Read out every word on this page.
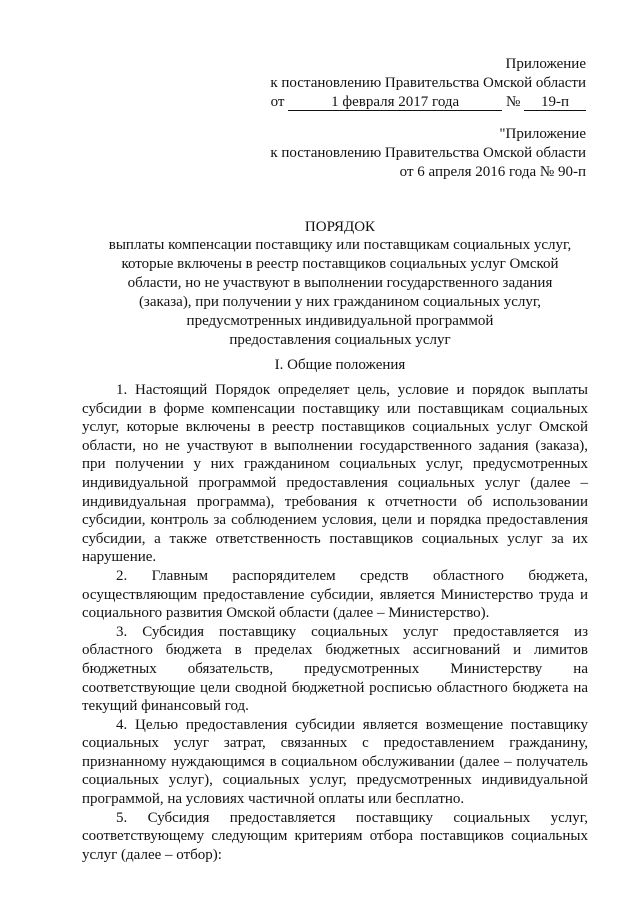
Приложение
к постановлению Правительства Омской области
от	1 февраля 2017 года	№ 19-п
"Приложение
к постановлению Правительства Омской области
от 6 апреля 2016 года № 90-п
ПОРЯДОК
выплаты компенсации поставщику или поставщикам социальных услуг,
которые включены в реестр поставщиков социальных услуг Омской
области, но не участвуют в выполнении государственного задания
(заказа), при получении у них гражданином социальных услуг,
предусмотренных индивидуальной программой
предоставления социальных услуг
I. Общие положения

1. Настоящий Порядок определяет цель, условие и порядок выплаты субсидии в форме компенсации поставщику или поставщикам социальных услуг, которые включены в реестр поставщиков социальных услуг Омской области, но не участвуют в выполнении государственного задания (заказа), при получении у них гражданином социальных услуг, предусмотренных индивидуальной программой предоставления социальных услуг (далее – индивидуальная программа), требования к отчетности об использовании субсидии, контроль за соблюдением условия, цели и порядка предоставления субсидии, а также ответственность поставщиков социальных услуг за их нарушение.

2. Главным распорядителем средств областного бюджета, осуществляющим предоставление субсидии, является Министерство труда и социального развития Омской области (далее – Министерство).

3. Субсидия поставщику социальных услуг предоставляется из областного бюджета в пределах бюджетных ассигнований и лимитов бюджетных обязательств, предусмотренных Министерству на соответствующие цели сводной бюджетной росписью областного бюджета на текущий финансовый год.

4. Целью предоставления субсидии является возмещение поставщику социальных услуг затрат, связанных с предоставлением гражданину, признанному нуждающимся в социальном обслуживании (далее – получатель социальных услуг), социальных услуг, предусмотренных индивидуальной программой, на условиях частичной оплаты или бесплатно.

5. Субсидия предоставляется поставщику социальных услуг, соответствующему следующим критериям отбора поставщиков социальных услуг (далее – отбор):
